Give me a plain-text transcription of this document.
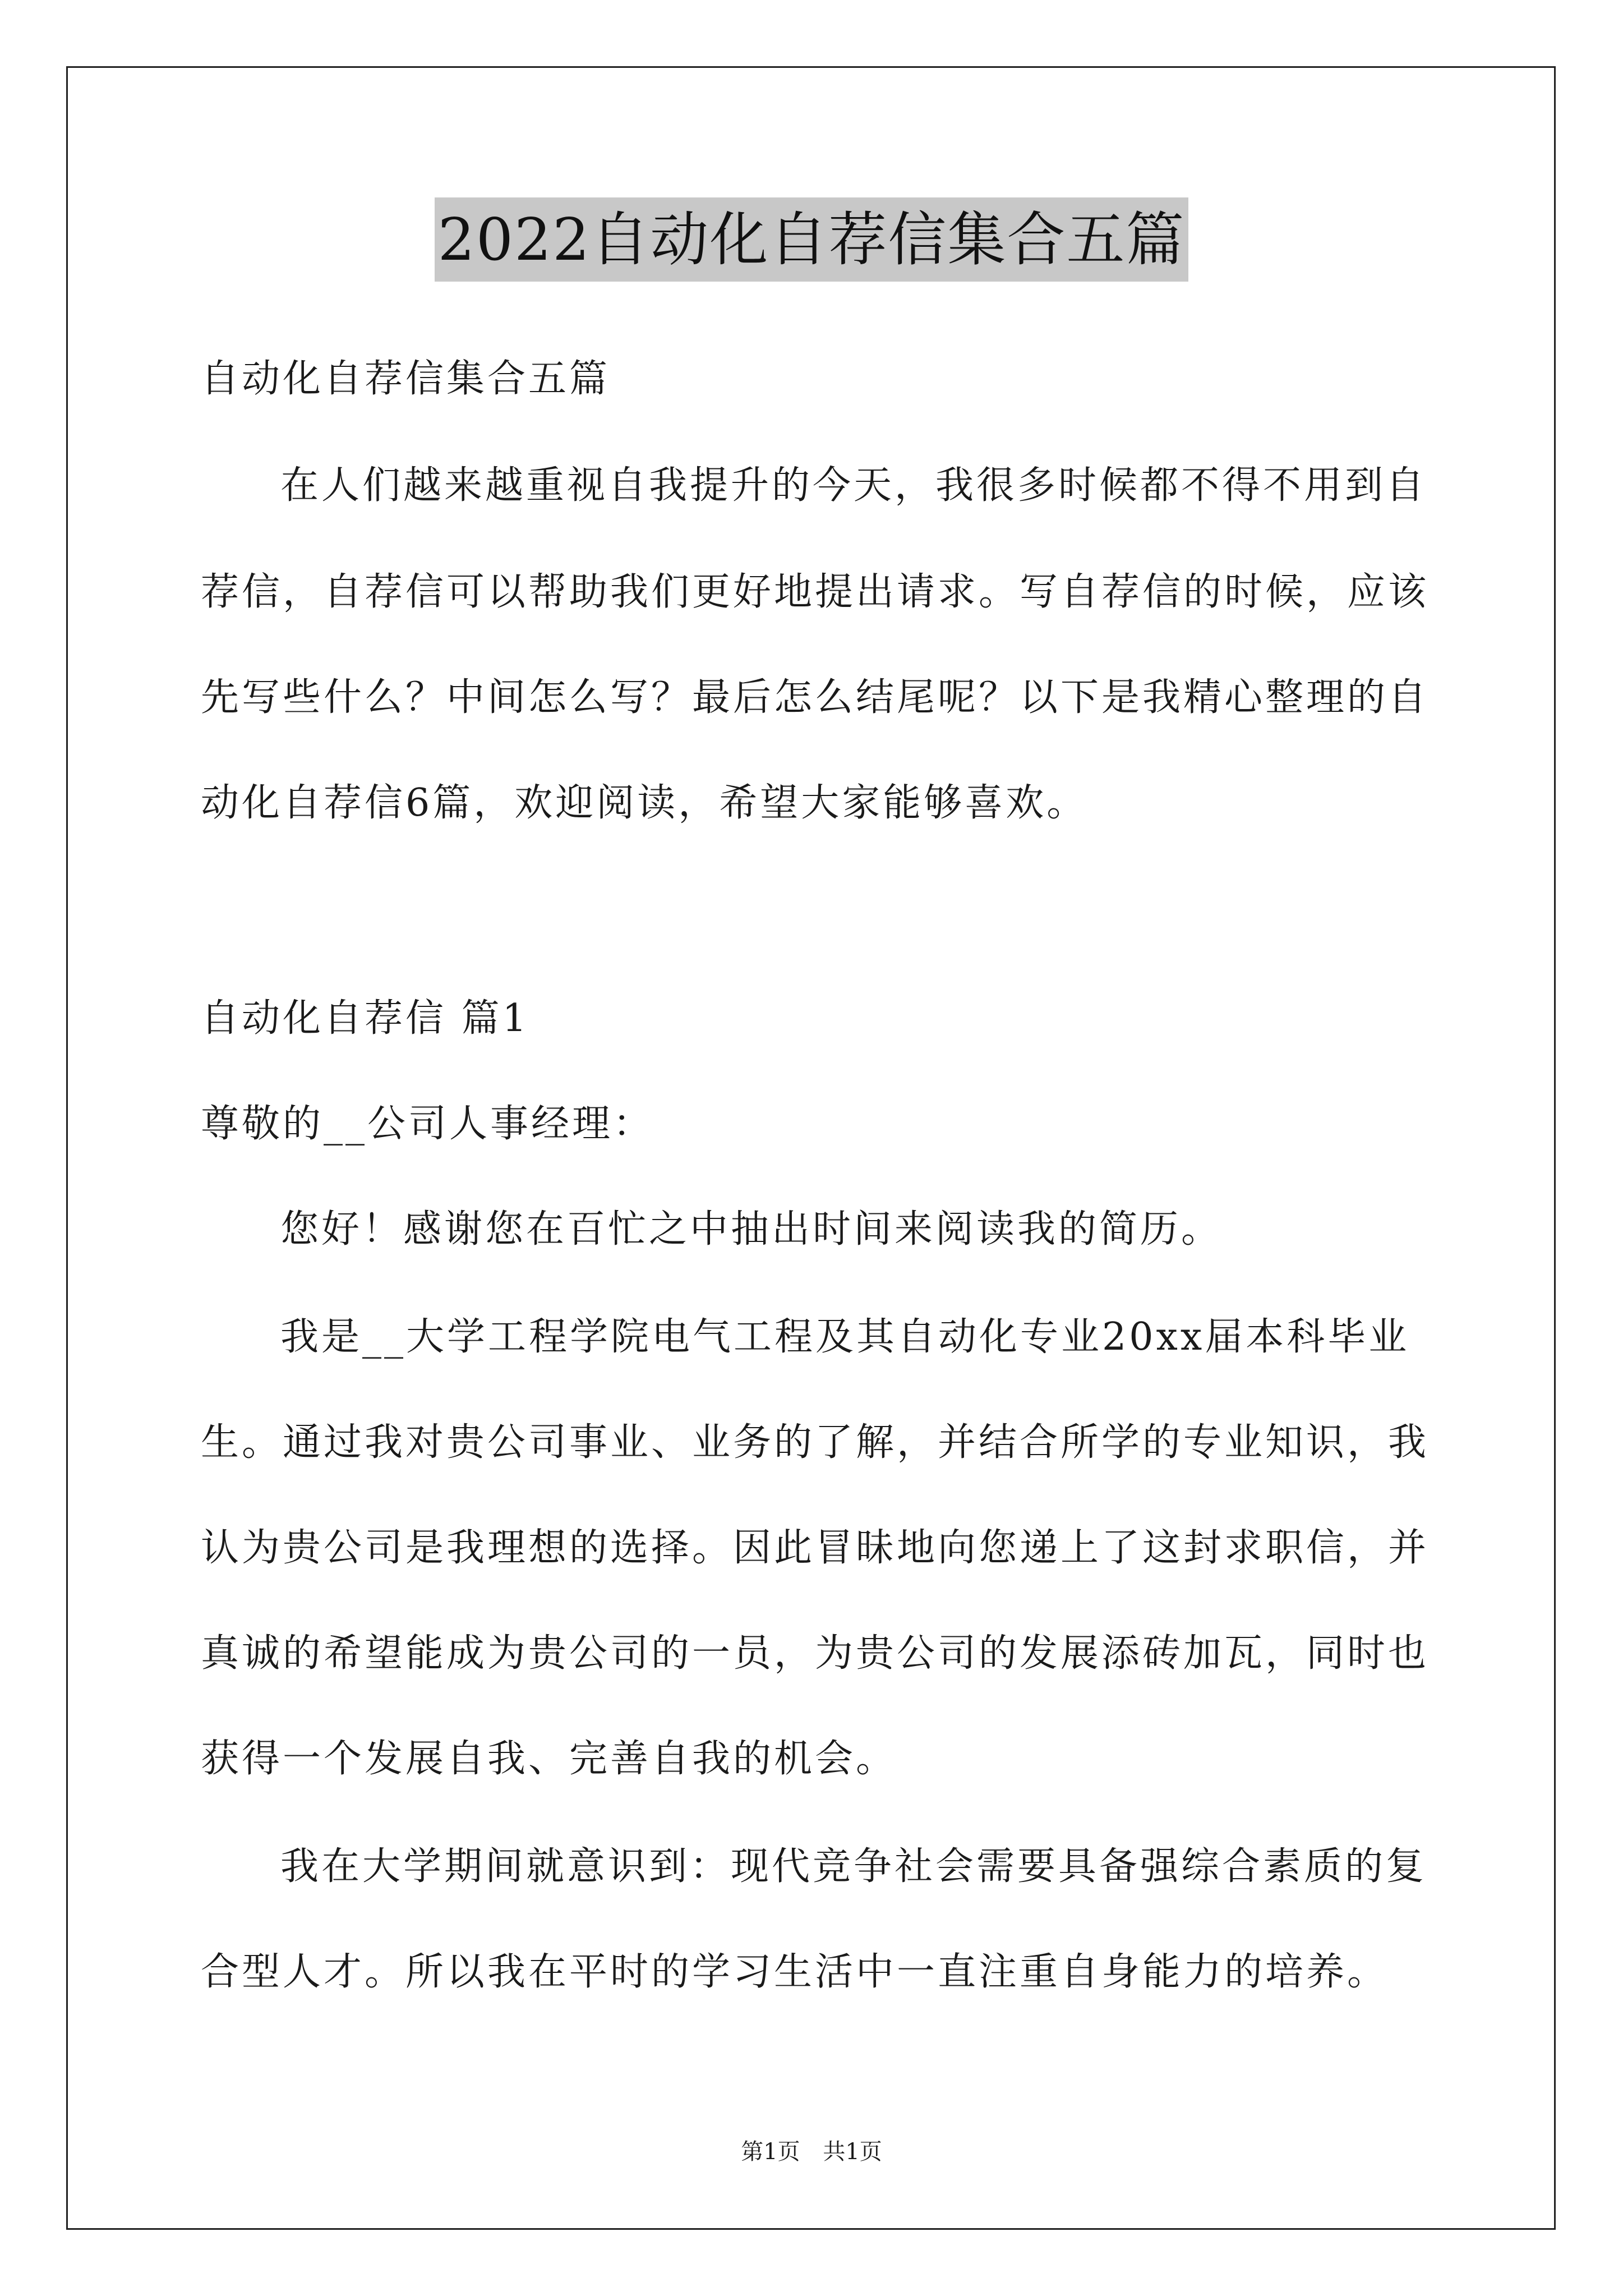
2022自动化自荐信集合五篇
自动化自荐信集合五篇
在人们越来越重视自我提升的今天，我很多时候都不得不用到自
荐信，自荐信可以帮助我们更好地提出请求。写自荐信的时候，应该
先写些什么？中间怎么写？最后怎么结尾呢？以下是我精心整理的自
动化自荐信6篇，欢迎阅读，希望大家能够喜欢。
自动化自荐信 篇1
尊敬的__公司人事经理：
您好！感谢您在百忙之中抽出时间来阅读我的简历。
我是__大学工程学院电气工程及其自动化专业20xx届本科毕业
生。通过我对贵公司事业、业务的了解，并结合所学的专业知识，我
认为贵公司是我理想的选择。因此冒昧地向您递上了这封求职信，并
真诚的希望能成为贵公司的一员，为贵公司的发展添砖加瓦，同时也
获得一个发展自我、完善自我的机会。
我在大学期间就意识到：现代竞争社会需要具备强综合素质的复
合型人才。所以我在平时的学习生活中一直注重自身能力的培养。
第1页 共1页
